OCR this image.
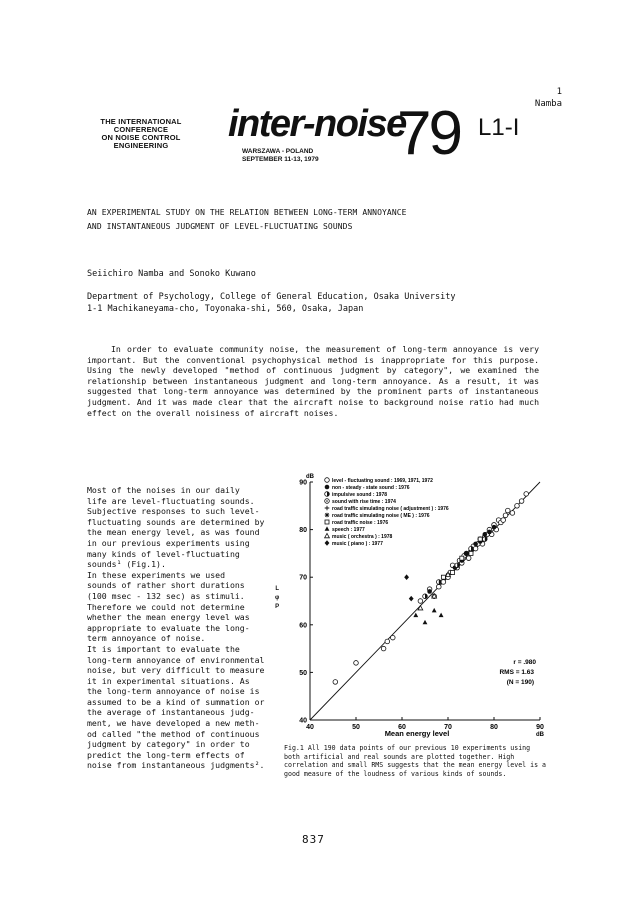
1
Namba
THE INTERNATIONAL
CONFERENCE
ON NOISE CONTROL
ENGINEERING
inter-noise
79
WARSZAWA - POLAND
SEPTEMBER 11-13, 1979
L1-I
AN EXPERIMENTAL STUDY ON THE RELATION BETWEEN LONG-TERM ANNOYANCE
AND INSTANTANEOUS JUDGMENT OF LEVEL-FLUCTUATING SOUNDS
Seiichiro Namba and Sonoko Kuwano
Department of Psychology, College of General Education, Osaka University
1-1 Machikaneyama-cho, Toyonaka-shi, 560, Osaka, Japan

In order to evaluate community noise, the measurement of long-term annoyance is very important. But the conventional psychophysical method is inappropriate for this purpose. Using the newly developed "method of continuous judgment by category", we examined the relationship between instantaneous judgment and long-term annoyance. As a result, it was suggested that long-term annoyance was determined by the prominent parts of instantaneous judgment. And it was made clear that the aircraft noise to background noise ratio had much effect on the overall noisiness of aircraft noises.

Most of the noises in our daily
life are level-fluctuating sounds.
Subjective responses to such level-
fluctuating sounds are determined by
the mean energy level, as was found
in our previous experiments using
many kinds of level-fluctuating
sounds¹ (Fig.1).
In these experiments we used
sounds of rather short durations
(100 msec - 132 sec) as stimuli.
Therefore we could not determine
whether the mean energy level was
appropriate to evaluate the long-
term annoyance of noise.
It is important to evaluate the
long-term annoyance of environmental
noise, but very difficult to measure
it in experimental situations. As
the long-term annoyance of noise is
assumed to be a kind of summation or
the average of instantaneous judg-
ment, we have developed a new meth-
od called "the method of continuous
judgment by category" in order to
predict the long-term effects of
noise from instantaneous judgments².
L
φ
P
40	50	60	70	80	90
40
50
60
70
80
90	level - fluctuating sound : 1969, 1971, 1972
non - steady - state sound : 1976
impulsive sound : 1978
sound with rise time : 1974
road traffic simulating noise ( adjustment ) : 1976
road traffic simulating noise ( ME ) : 1976
road traffic noise : 1976
speech : 1977
music ( orchestra ) : 1978
music ( piano ) : 1977
r = .980
RMS = 1.63
(N = 190)
Mean energy level	dB
dB
Fig.1 All 190 data points of our previous 10 experiments using both artificial and real sounds are plotted together. High correlation and small RMS suggests that the mean energy level is a good measure of the loudness of various kinds of sounds.
837
